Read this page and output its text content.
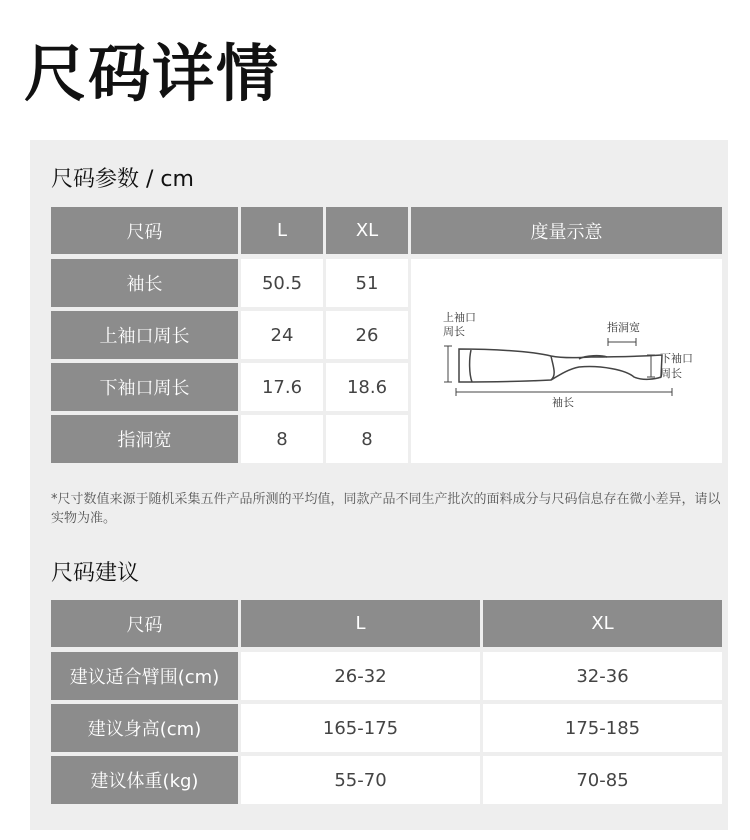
尺码详情
尺码参数 / cm
尺码	L	XL	度量示意
袖长	50.5	51
上袖口周长	24	26
下袖口周长	17.6	18.6
指洞宽	8	8
上袖口
周长	指洞宽
下袖口
周长
袖长
*尺寸数值来源于随机采集五件产品所测的平均值，同款产品不同生产批次的面料成分与尺码信息存在微小差异，请以实物为准。
尺码建议
尺码	L	XL
建议适合臂围(cm)	26-32	32-36
建议身高(cm)	165-175	175-185
建议体重(kg)	55-70	70-85
